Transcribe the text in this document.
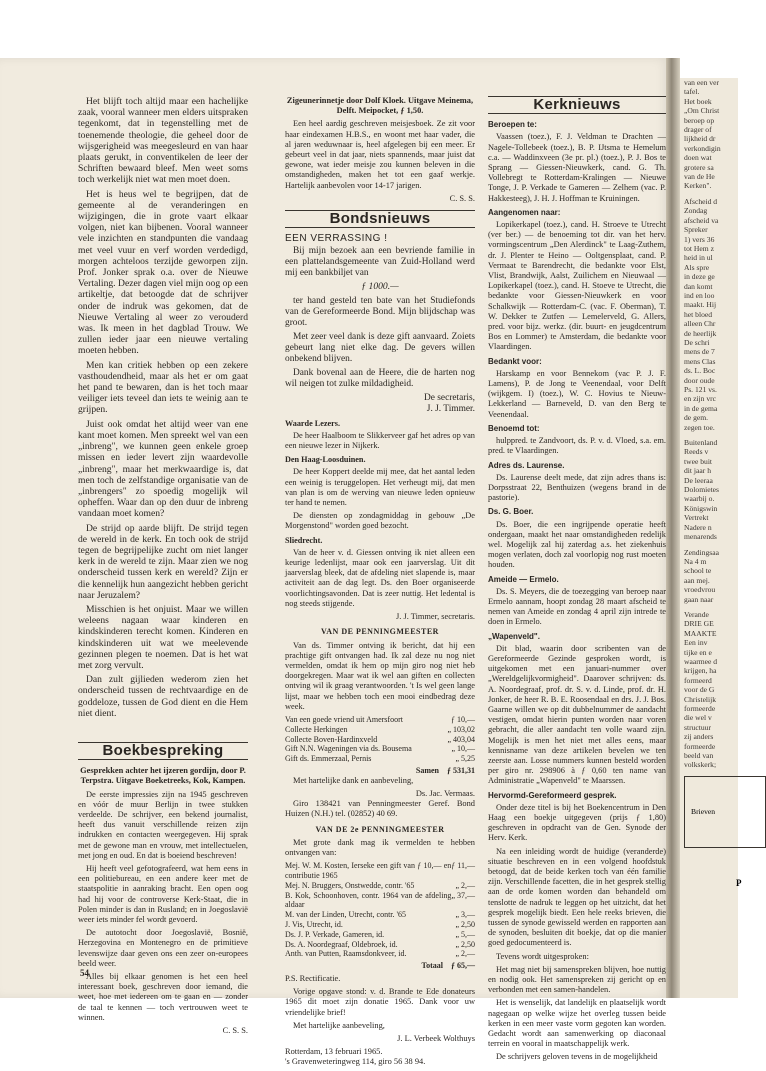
van een ver
tafel.
Het boek
„Om Christ
beroep op
drager of
lijkheid dr
verkondigin
doen wat
grotere sa
van de He
Kerken".
Afscheid d
Zondag
afscheid va
Spreker
1) vers 36
tot Hem z
heid in ul
Als spre
in deze ge
dan komt
ind en loo
maakt. Hij
het bloed
alleen Chr
de heerlijk
De schri
mens de 7
mens Clas
ds. L. Boc
door oude
Ps. 121 vs.
en zijn vrc
in de gema
de gem.
zegen toe.
Buitenland
Reeds v
twee buit
dit jaar h
De leeraa
Dolomietes
waarbij o.
Königswin
Vertrekt
Nadere n
menarends
Zendingsaa
Na 4 m
school te
aan mej.
vroedvrou
gaan naar
Verande
DRIE GE
MAAKTE
Een inv
tijke en e
waarmee d
krijgen, ha
formeerd
voor de G
Christelijk
formeerde
die wel v
structuur
zij anders
formeerde
beeld van
volkskerk;
Brieven
P

Het blijft toch altijd maar een hachelijke zaak, vooral wanneer men elders uitspraken tegenkomt, dat in tegenstelling met de toenemende theologie, die geheel door de wijsgerigheid was meegesleurd en van haar plaats gerukt, in conventikelen de leer der Schriften bewaard bleef. Men weet soms toch werkelijk niet wat men moet doen.

Het is heus wel te begrijpen, dat de gemeente al de veranderingen en wijzigingen, die in grote vaart elkaar volgen, niet kan bijbenen. Vooral wanneer vele inzichten en standpunten die vandaag met veel vuur en verf worden verdedigd, morgen achteloos terzijde geworpen zijn. Prof. Jonker sprak o.a. over de Nieuwe Vertaling. Dezer dagen viel mijn oog op een artikeltje, dat betoogde dat de schrijver onder de indruk was gekomen, dat de Nieuwe Vertaling al weer zo verouderd was. Ik meen in het dagblad Trouw. We zullen ieder jaar een nieuwe vertaling moeten hebben.

Men kan critiek hebben op een zekere vasthoudendheid, maar als het er om gaat het pand te bewaren, dan is het toch maar veiliger iets teveel dan iets te weinig aan te grijpen.

Juist ook omdat het altijd weer van ene kant moet komen. Men spreekt wel van een „inbreng", we kunnen geen enkele groep missen en ieder levert zijn waardevolle „inbreng", maar het merkwaardige is, dat men toch de zelfstandige organisatie van de „inbrengers" zo spoedig mogelijk wil opheffen. Waar dan op den duur de inbreng vandaan moet komen?

De strijd op aarde blijft. De strijd tegen de wereld in de kerk. En toch ook de strijd tegen de begrijpelijke zucht om niet langer kerk in de wereld te zijn. Maar zien we nog onderscheid tussen kerk en wereld? Zijn er die kennelijk hun aangezicht hebben gericht naar Jeruzalem?

Misschien is het onjuist. Maar we willen weleens nagaan waar kinderen en kindskinderen terecht komen. Kinderen en kindskinderen uit wat we meelevende gezinnen plegen te noemen. Dat is het wat met zorg vervult.

Dan zult gijlieden wederom zien het onderscheid tussen de rechtvaardige en de goddeloze, tussen de God dient en die Hem niet dient.

Boekbespreking

Gesprekken achter het ijzeren gordijn, door P. Terpstra. Uitgave Boeketreeks, Kok, Kampen.

De eerste impressies zijn na 1945 geschreven en vóór de muur Berlijn in twee stukken verdeelde. De schrijver, een bekend journalist, heeft dus vanuit verschillende reizen zijn indrukken en contacten weergegeven. Hij sprak met de gewone man en vrouw, met intellectuelen, met jong en oud. En dat is boeiend beschreven!

Hij heeft veel gefotografeerd, wat hem eens in een politiebureau, en een andere keer met de staatspolitie in aanraking bracht. Een open oog had hij voor de controverse Kerk-Staat, die in Polen minder is dan in Rusland; en in Joegoslavië weer iets minder fel wordt gevoerd.

De autotocht door Joegoslavië, Bosnië, Herzegovina en Montenegro en de primitieve levenswijze daar geven ons een zeer on-europees beeld weer.

Alles bij elkaar genomen is het een heel interessant boek, geschreven door iemand, die weet, hoe met iedereen om te gaan en — zonder de taal te kennen — toch vertrouwen weet te winnen.

C. S. S.

Zigeunerinnetje door Dolf Kloek. Uitgave Meinema, Delft. Meipocket, ƒ 1,50.

Een heel aardig geschreven meisjesboek. Ze zit voor haar eindexamen H.B.S., en woont met haar vader, die al jaren weduwnaar is, heel afgelegen bij een meer. Er gebeurt veel in dat jaar, niets spannends, maar juist dat gewone, wat ieder meisje zou kunnen beleven in die omstandigheden, maken het tot een gaaf werkje. Hartelijk aanbevolen voor 14-17 jarigen.

C. S. S.

Bondsnieuws
EEN VERRASSING !

Bij mijn bezoek aan een bevriende familie in een plattelandsgemeente van Zuid-Holland werd mij een bankbiljet van

ƒ 1000.—

ter hand gesteld ten bate van het Studiefonds van de Gereformeerde Bond. Mijn blijdschap was groot.

Met zeer veel dank is deze gift aanvaard. Zoiets gebeurt lang niet elke dag. De gevers willen onbekend blijven.

Dank bovenal aan de Heere, die de harten nog wil neigen tot zulke mildadigheid.

De secretaris,

J. J. Timmer.

Waarde Lezers.

De heer Haalboom te Slikkerveer gaf het adres op van een nieuwe lezer in Nijkerk.

Den Haag-Loosduinen.

De heer Koppert deelde mij mee, dat het aantal leden een weinig is teruggelopen. Het verheugt mij, dat men van plan is om de werving van nieuwe leden opnieuw ter hand te nemen.

De diensten op zondagmiddag in gebouw „De Morgenstond" worden goed bezocht.

Sliedrecht.

Van de heer v. d. Giessen ontving ik niet alleen een keurige ledenlijst, maar ook een jaarverslag. Uit dit jaarverslag bleek, dat de afdeling niet slapende is, maar activiteit aan de dag legt. Ds. den Boer organiseerde voorlichtingsavonden. Dat is zeer nuttig. Het ledental is nog steeds stijgende.

J. J. Timmer, secretaris.

VAN DE PENNINGMEESTER

Van ds. Timmer ontving ik bericht, dat hij een prachtige gift ontvangen had. Ik zal deze nu nog niet vermelden, omdat ik hem op mijn giro nog niet heb doorgekregen. Maar wat ik wel aan giften en collecten ontving wil ik graag verantwoorden. 't Is wel geen lange lijst, maar we hebben toch een mooi eindbedrag deze week.

Van een goede vriend uit Amersfoort	ƒ 10,—
Collecte Herkingen	„ 103,02
Collecte Boven-Hardinxveld	„ 403,04
Gift N.N. Wageningen via ds. Bousema	„ 10,—
Gift ds. Emmerzaal, Pernis	„ 5,25
Samen	ƒ 531,31

Met hartelijke dank en aanbeveling,

Ds. Jac. Vermaas.

Giro 138421 van Penningmeester Geref. Bond Huizen (N.H.) tel. (02852) 40 69.

VAN DE 2e PENNINGMEESTER

Met grote dank mag ik vermelden te hebben ontvangen van:

Mej. W. M. Kosten, Ierseke een gift van ƒ 10,— en contributie 1965
ƒ 11,—
Mej. N. Bruggers, Onstwedde, contr. '65	„ 2,—
B. Kok, Schoonhoven, contr. 1964 van de afdeling aldaar
„ 37,—
M. van der Linden, Utrecht, contr. '65	„ 3,—
J. Vis, Utrecht, id.	„ 2,50
Ds. J. P. Verkade, Gameren, id.	„ 5,—
Ds. A. Noordegraaf, Oldebroek, id.	„ 2,50
Anth. van Putten, Raamsdonkveer, id.	„ 2,—
Totaal	ƒ 65,—

P.S. Rectificatie.

Vorige opgave stond: v. d. Brande te Ede donateurs 1965 dit moet zijn donatie 1965. Dank voor uw vriendelijke brief!

Met hartelijke aanbeveling,

J. L. Verbeek Wolthuys

Rotterdam, 13 februari 1965.

's Gravenweteringweg 114, giro 56 38 94.

Kerknieuws
Beroepen te:

Vaassen (toez.), F. J. Veldman te Drachten — Nagele-Tollebeek (toez.), B. P. IJtsma te Hemelum c.a. — Waddinxveen (3e pr. pl.) (toez.), P. J. Bos te Sprang — Giessen-Nieuwkerk, cand. G. Th. Vollebregt te Rotterdam-Kralingen — Nieuwe Tonge, J. P. Verkade te Gameren — Zelhem (vac. P. Hakkesteeg), J. H. J. Hoffman te Kruiningen.

Aangenomen naar:

Lopikerkapel (toez.), cand. H. Stroeve te Utrecht (ver ber.) — de benoeming tot dir. van het herv. vormingscentrum „Den Alerdinck" te Laag-Zuthem, dr. J. Plenter te Heino — Ooltgensplaat, cand. P. Vermaat te Barendrecht, die bedankte voor Elst, Vlist, Brandwijk, Aalst, Zuilichem en Nieuwaal — Lopikerkapel (toez.), cand. H. Stoeve te Utrecht, die bedankte voor Giessen-Nieuwkerk en voor Schalkwijk — Rotterdam-C. (vac. F. Oberman), T. W. Dekker te Zutfen — Lemelerveld, G. Allers, pred. voor bijz. werkz. (dir. buurt- en jeugdcentrum Bos en Lommer) te Amsterdam, die bedankte voor Vlaardingen.

Bedankt voor:

Harskamp en voor Bennekom (vac P. J. F. Lamens), P. de Jong te Veenendaal, voor Delft (wijkgem. I) (toez.), W. C. Hovius te Nieuw-Lekkerland — Barneveld, D. van den Berg te Veenendaal.

Benoemd tot:

hulppred. te Zandvoort, ds. P. v. d. Vloed, s.a. em. pred. te Vlaardingen.

Adres ds. Laurense.

Ds. Laurense deelt mede, dat zijn adres thans is: Dorpsstraat 22, Benthuizen (wegens brand in de pastorie).

Ds. G. Boer.

Ds. Boer, die een ingrijpende operatie heeft ondergaan, maakt het naar omstandigheden redelijk wel. Mogelijk zal hij zaterdag a.s. het ziekenhuis mogen verlaten, doch zal voorlopig nog rust moeten houden.

Ameide — Ermelo.

Ds. S. Meyers, die de toezegging van beroep naar Ermelo aannam, hoopt zondag 28 maart afscheid te nemen van Ameide en zondag 4 april zijn intrede te doen in Ermelo.

„Wapenveld".

Dit blad, waarin door scribenten van de Gereformeerde Gezinde gesproken wordt, is uitgekomen met een januari-nummer over „Wereldgelijkvormigheid". Daarover schrijven: ds. A. Noordegraaf, prof. dr. S. v. d. Linde, prof. dr. H. Jonker, de heer R. B. E. Roosendaal en drs. J. J. Bos. Gaarne willen we op dit dubbelnummer de aandacht vestigen, omdat hierin punten worden naar voren gebracht, die aller aandacht ten volle waard zijn. Mogelijk is men het niet met alles eens, maar kennisname van deze artikelen bevelen we ten zeerste aan. Losse nummers kunnen besteld worden per giro nr. 298906 à ƒ 0,60 ten name van Administratie „Wapenveld" te Maarssen.

Hervormd-Gereformeerd gesprek.

Onder deze titel is bij het Boekencentrum in Den Haag een boekje uitgegeven (prijs ƒ 1,80) geschreven in opdracht van de Gen. Synode der Herv. Kerk.

Na een inleiding wordt de huidige (veranderde) situatie beschreven en in een volgend hoofdstuk betoogd, dat de beide kerken toch van één familie zijn. Verschillende facetten, die in het gesprek stellig aan de orde komen worden dan behandeld om tenslotte de nadruk te leggen op het uitzicht, dat het gesprek mogelijk biedt. Een hele reeks brieven, die tussen de synode gewisseld werden en rapporten aan de synoden, besluiten dit boekje, dat op die manier goed gedocumenteerd is.

Tevens wordt uitgesproken:

Het mag niet bij samenspreken blijven, hoe nuttig en nodig ook. Het samenspreken zij gericht op en verbonden met een samen-handelen.

Het is wenselijk, dat landelijk en plaatselijk wordt nagegaan op welke wijze het overleg tussen beide kerken in een meer vaste vorm gegoten kan worden. Gedacht wordt aan samenwerking op diaconaal terrein en vooral in maatschappelijk werk.

De schrijvers geloven tevens in de mogelijkheid

54
